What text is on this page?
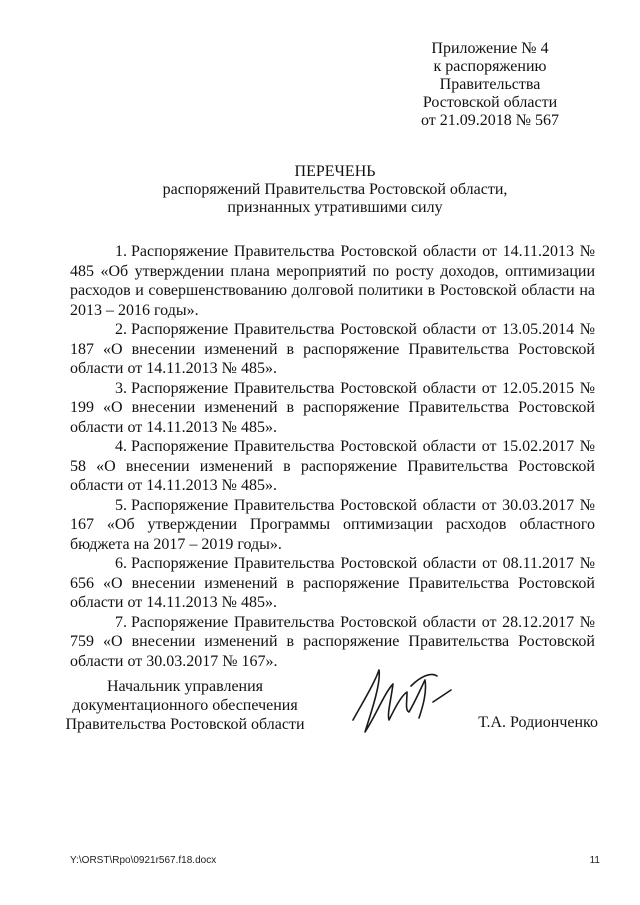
Приложение № 4
к распоряжению
Правительства
Ростовской области
от 21.09.2018 № 567
ПЕРЕЧЕНЬ
распоряжений Правительства Ростовской области,
признанных утратившими силу

1. Распоряжение Правительства Ростовской области от 14.11.2013 № 485 «Об утверждении плана мероприятий по росту доходов, оптимизации расходов и совершенствованию долговой политики в Ростовской области на 2013 – 2016 годы».

2. Распоряжение Правительства Ростовской области от 13.05.2014 № 187 «О внесении изменений в распоряжение Правительства Ростовской области от 14.11.2013 № 485».

3. Распоряжение Правительства Ростовской области от 12.05.2015 № 199 «О внесении изменений в распоряжение Правительства Ростовской области от 14.11.2013 № 485».

4. Распоряжение Правительства Ростовской области от 15.02.2017 № 58 «О внесении изменений в распоряжение Правительства Ростовской области от 14.11.2013 № 485».

5. Распоряжение Правительства Ростовской области от 30.03.2017 № 167 «Об утверждении Программы оптимизации расходов областного бюджета на 2017 – 2019 годы».

6. Распоряжение Правительства Ростовской области от 08.11.2017 № 656 «О внесении изменений в распоряжение Правительства Ростовской области от 14.11.2013 № 485».

7. Распоряжение Правительства Ростовской области от 28.12.2017 № 759 «О внесении изменений в распоряжение Правительства Ростовской области от 30.03.2017 № 167».

Начальник управления
документационного обеспечения
Правительства Ростовской области	Т.А. Родионченко
Y:\ORST\Rpo\0921r567.f18.docx	11
